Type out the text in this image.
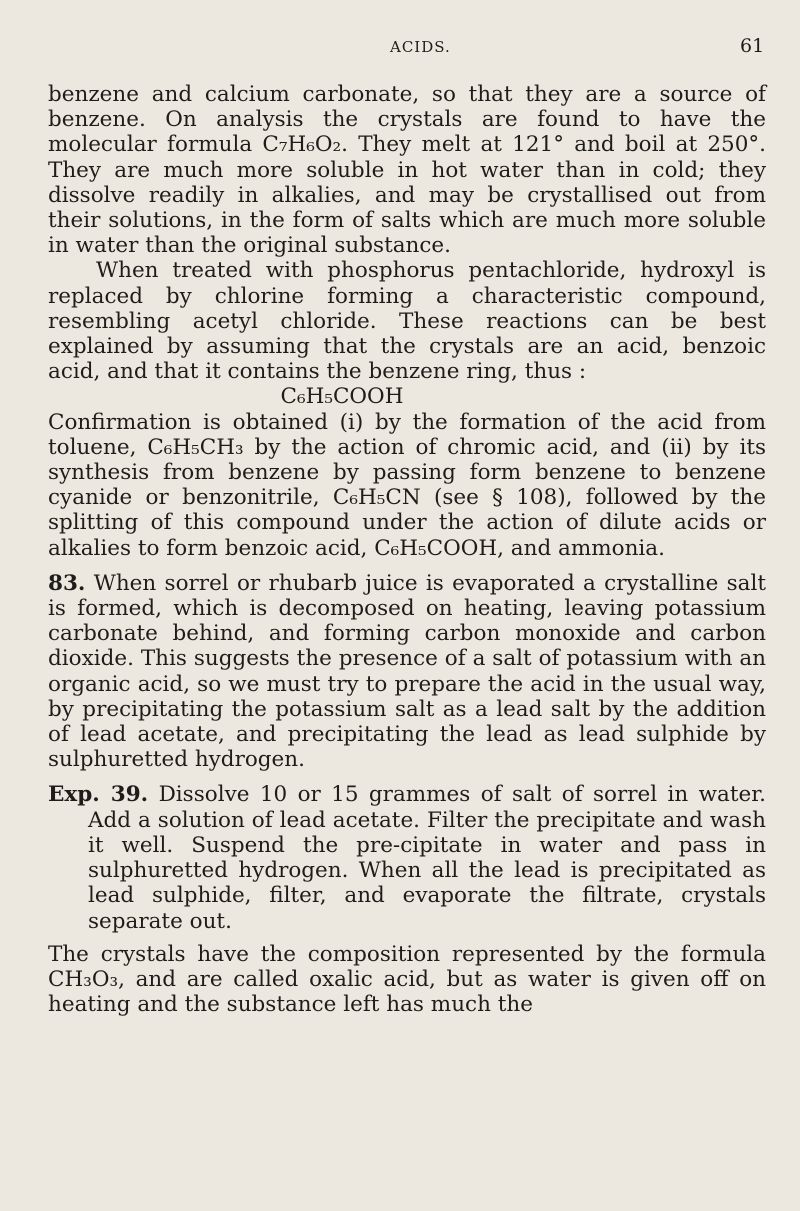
ACIDS.	61

benzene and calcium carbonate, so that they are a source of benzene. On analysis the crystals are found to have the molecular formula C₇H₆O₂. They melt at 121° and boil at 250°. They are much more soluble in hot water than in cold; they dissolve readily in alkalies, and may be crystallised out from their solutions, in the form of salts which are much more soluble in water than the original substance.

When treated with phosphorus pentachloride, hydroxyl is replaced by chlorine forming a characteristic compound, resembling acetyl chloride. These reactions can be best explained by assuming that the crystals are an acid, benzoic acid, and that it contains the benzene ring, thus :

C₆H₅COOH

Confirmation is obtained (i) by the formation of the acid from toluene, C₆H₅CH₃ by the action of chromic acid, and (ii) by its synthesis from benzene by passing form benzene to benzene cyanide or benzonitrile, C₆H₅CN (see § 108), followed by the splitting of this compound under the action of dilute acids or alkalies to form benzoic acid, C₆H₅COOH, and ammonia.

83. When sorrel or rhubarb juice is evaporated a crystalline salt is formed, which is decomposed on heating, leaving potassium carbonate behind, and forming carbon monoxide and carbon dioxide. This suggests the presence of a salt of potassium with an organic acid, so we must try to prepare the acid in the usual way, by precipitating the potassium salt as a lead salt by the addition of lead acetate, and precipitating the lead as lead sulphide by sulphuretted hydrogen.

Exp. 39. Dissolve 10 or 15 grammes of salt of sorrel in water. Add a solution of lead acetate. Filter the precipitate and wash it well. Suspend the pre-cipitate in water and pass in sulphuretted hydrogen. When all the lead is precipitated as lead sulphide, filter, and evaporate the filtrate, crystals separate out.

The crystals have the composition represented by the formula CH₃O₃, and are called oxalic acid, but as water is given off on heating and the substance left has much the
